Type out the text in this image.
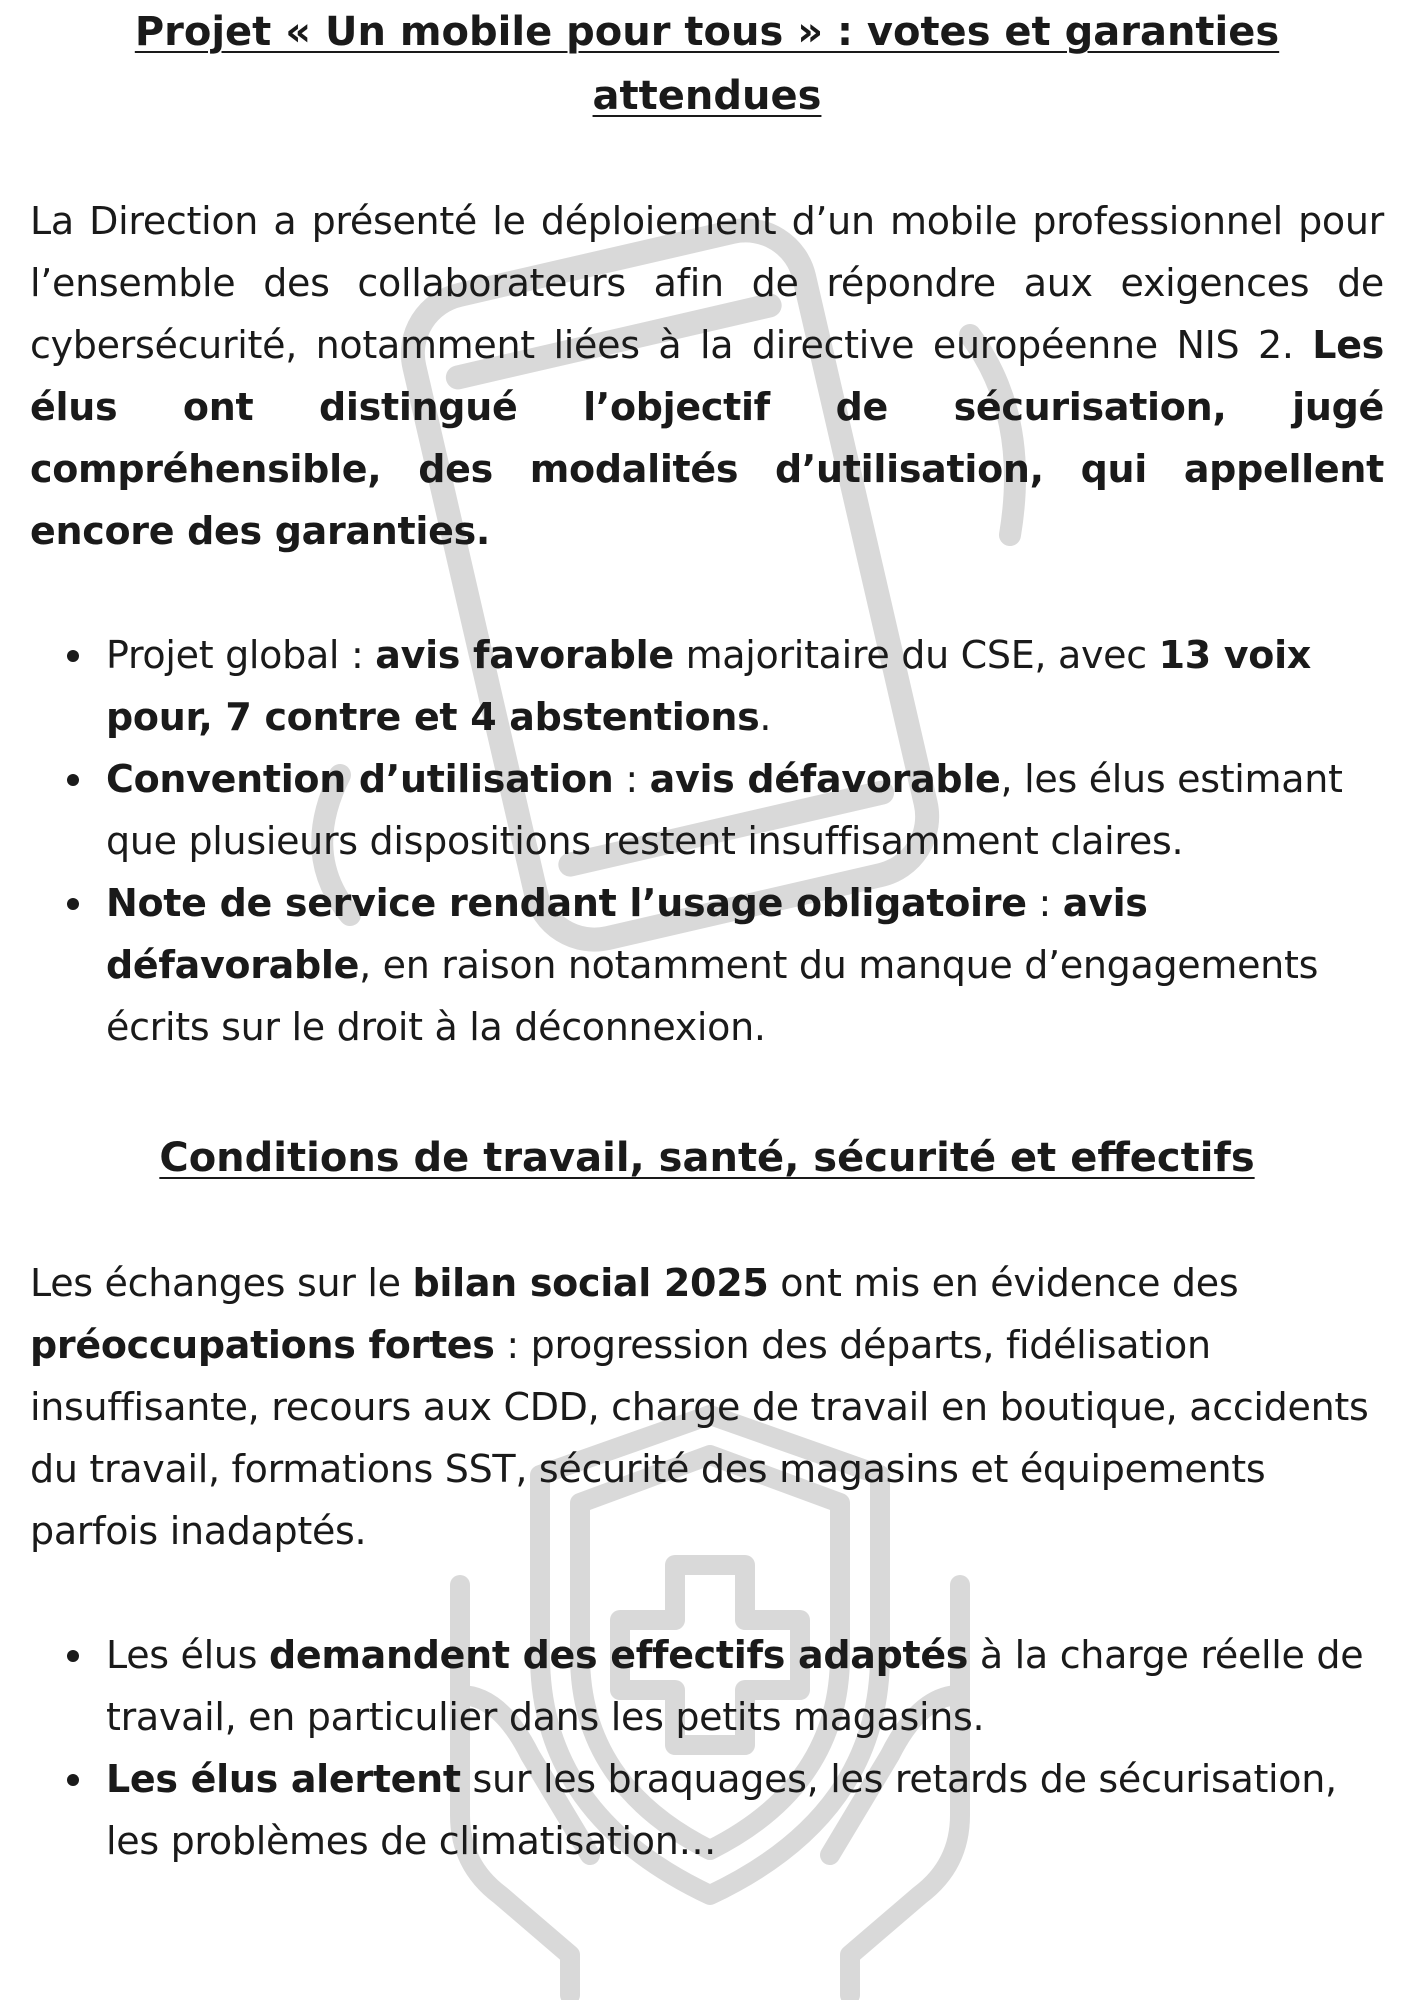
Projet « Un mobile pour tous » : votes et garanties attendues

La Direction a présenté le déploiement d’un mobile professionnel pour l’ensemble des collaborateurs afin de répondre aux exigences de cybersécurité, notamment liées à la directive européenne NIS 2. Les élus ont distingué l’objectif de sécurisation, jugé compréhensible, des modalités d’utilisation, qui appellent encore des garanties.

Projet global : avis favorable majoritaire du CSE, avec 13 voix pour, 7 contre et 4 abstentions.
Convention d’utilisation : avis défavorable, les élus estimant que plusieurs dispositions restent insuffisamment claires.
Note de service rendant l’usage obligatoire : avis défavorable, en raison notamment du manque d’engagements écrits sur le droit à la déconnexion.
Conditions de travail, santé, sécurité et effectifs

Les échanges sur le bilan social 2025 ont mis en évidence des préoccupations fortes : progression des départs, fidélisation insuffisante, recours aux CDD, charge de travail en boutique, accidents du travail, formations SST, sécurité des magasins et équipements parfois inadaptés.

Les élus demandent des effectifs adaptés à la charge réelle de travail, en particulier dans les petits magasins.
Les élus alertent sur les braquages, les retards de sécurisation, les problèmes de climatisation…
